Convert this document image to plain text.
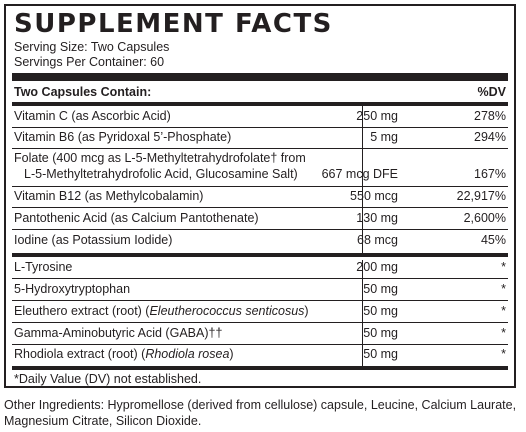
SUPPLEMENT FACTS
Serving Size: Two Capsules
Servings Per Container: 60
Two Capsules Contain:	%DV
Vitamin C (as Ascorbic Acid)	250 mg	278%
Vitamin B6 (as Pyridoxal 5’-Phosphate)	5 mg	294%
Folate (400 mcg as L-5-Methyltetrahydrofolate† from
L-5-Methyltetrahydrofolic Acid, Glucosamine Salt) 667 mcg DFE	167%
Vitamin B12 (as Methylcobalamin)	550 mcg	22,917%
Pantothenic Acid (as Calcium Pantothenate)	130 mg	2,600%
Iodine (as Potassium Iodide)	68 mcg	45%
L-Tyrosine	200 mg	*
5-Hydroxytryptophan	50 mg	*
Eleuthero extract (root) (Eleutherococcus senticosus)	50 mg	*
Gamma-Aminobutyric Acid (GABA)††	50 mg	*
Rhodiola extract (root) (Rhodiola rosea)	50 mg	*
*Daily Value (DV) not established.
Other Ingredients: Hypromellose (derived from cellulose) capsule, Leucine, Calcium Laurate, Magnesium Citrate, Silicon Dioxide.
